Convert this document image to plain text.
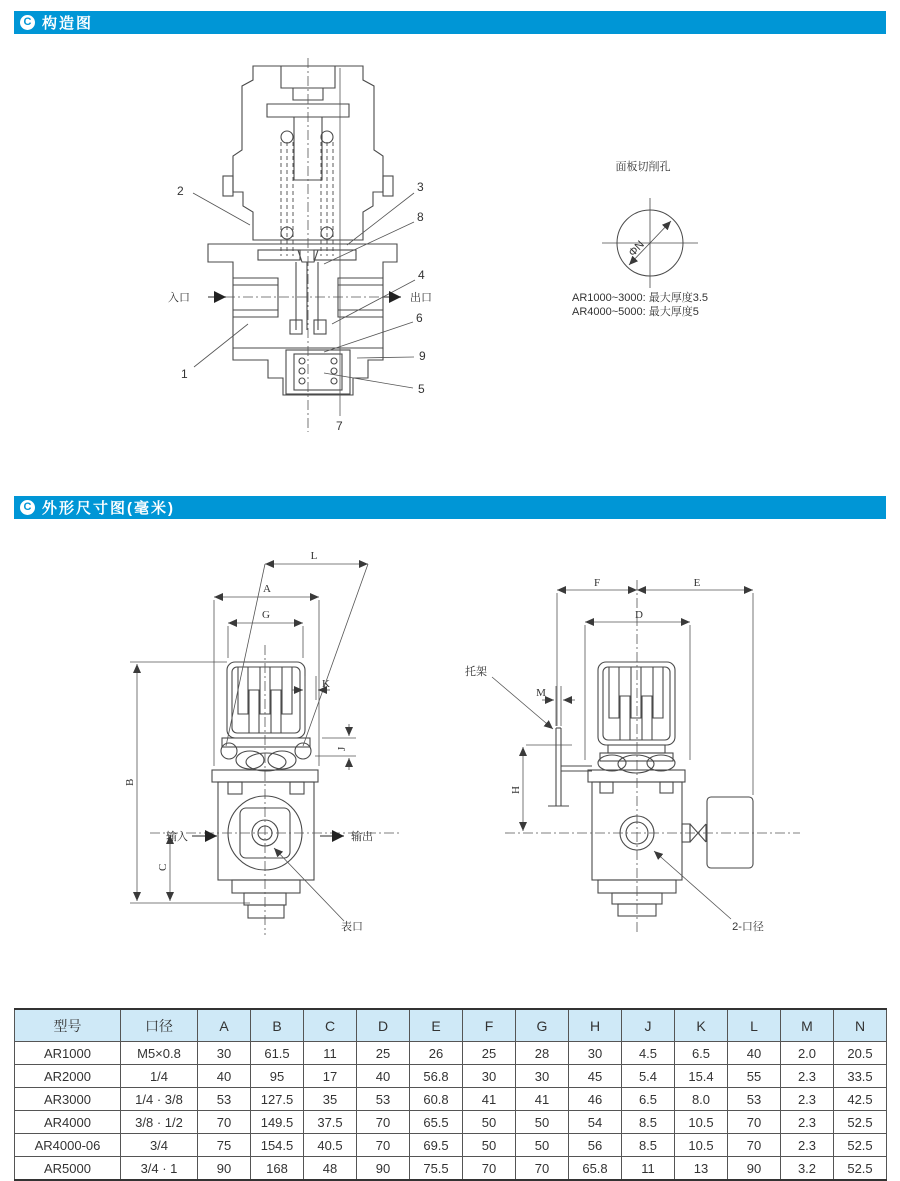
C 构造图
2	3
8
4
6
9
5
1
7
入口	出口
面板切削孔
ΦN
AR1000~3000: 最大厚度3.5
AR4000~5000: 最大厚度5
C 外形尺寸图(毫米)
L
A
G
K
J
B
C
输入	输出
表口
F	E
D
M
H
托架
2-口径
型号	口径	A	B	C	D	E	F	G	H	J	K	L	M	N
AR1000	M5×0.8	30	61.5	11	25	26	25	28	30	4.5	6.5	40	2.0	20.5
AR2000	1/4	40	95	17	40	56.8	30	30	45	5.4	15.4	55	2.3	33.5
AR3000	1/4 · 3/8	53	127.5	35	53	60.8	41	41	46	6.5	8.0	53	2.3	42.5
AR4000	3/8 · 1/2	70	149.5	37.5	70	65.5	50	50	54	8.5	10.5	70	2.3	52.5
AR4000-06	3/4	75	154.5	40.5	70	69.5	50	50	56	8.5	10.5	70	2.3	52.5
AR5000	3/4 · 1	90	168	48	90	75.5	70	70	65.8	11	13	90	3.2	52.5
